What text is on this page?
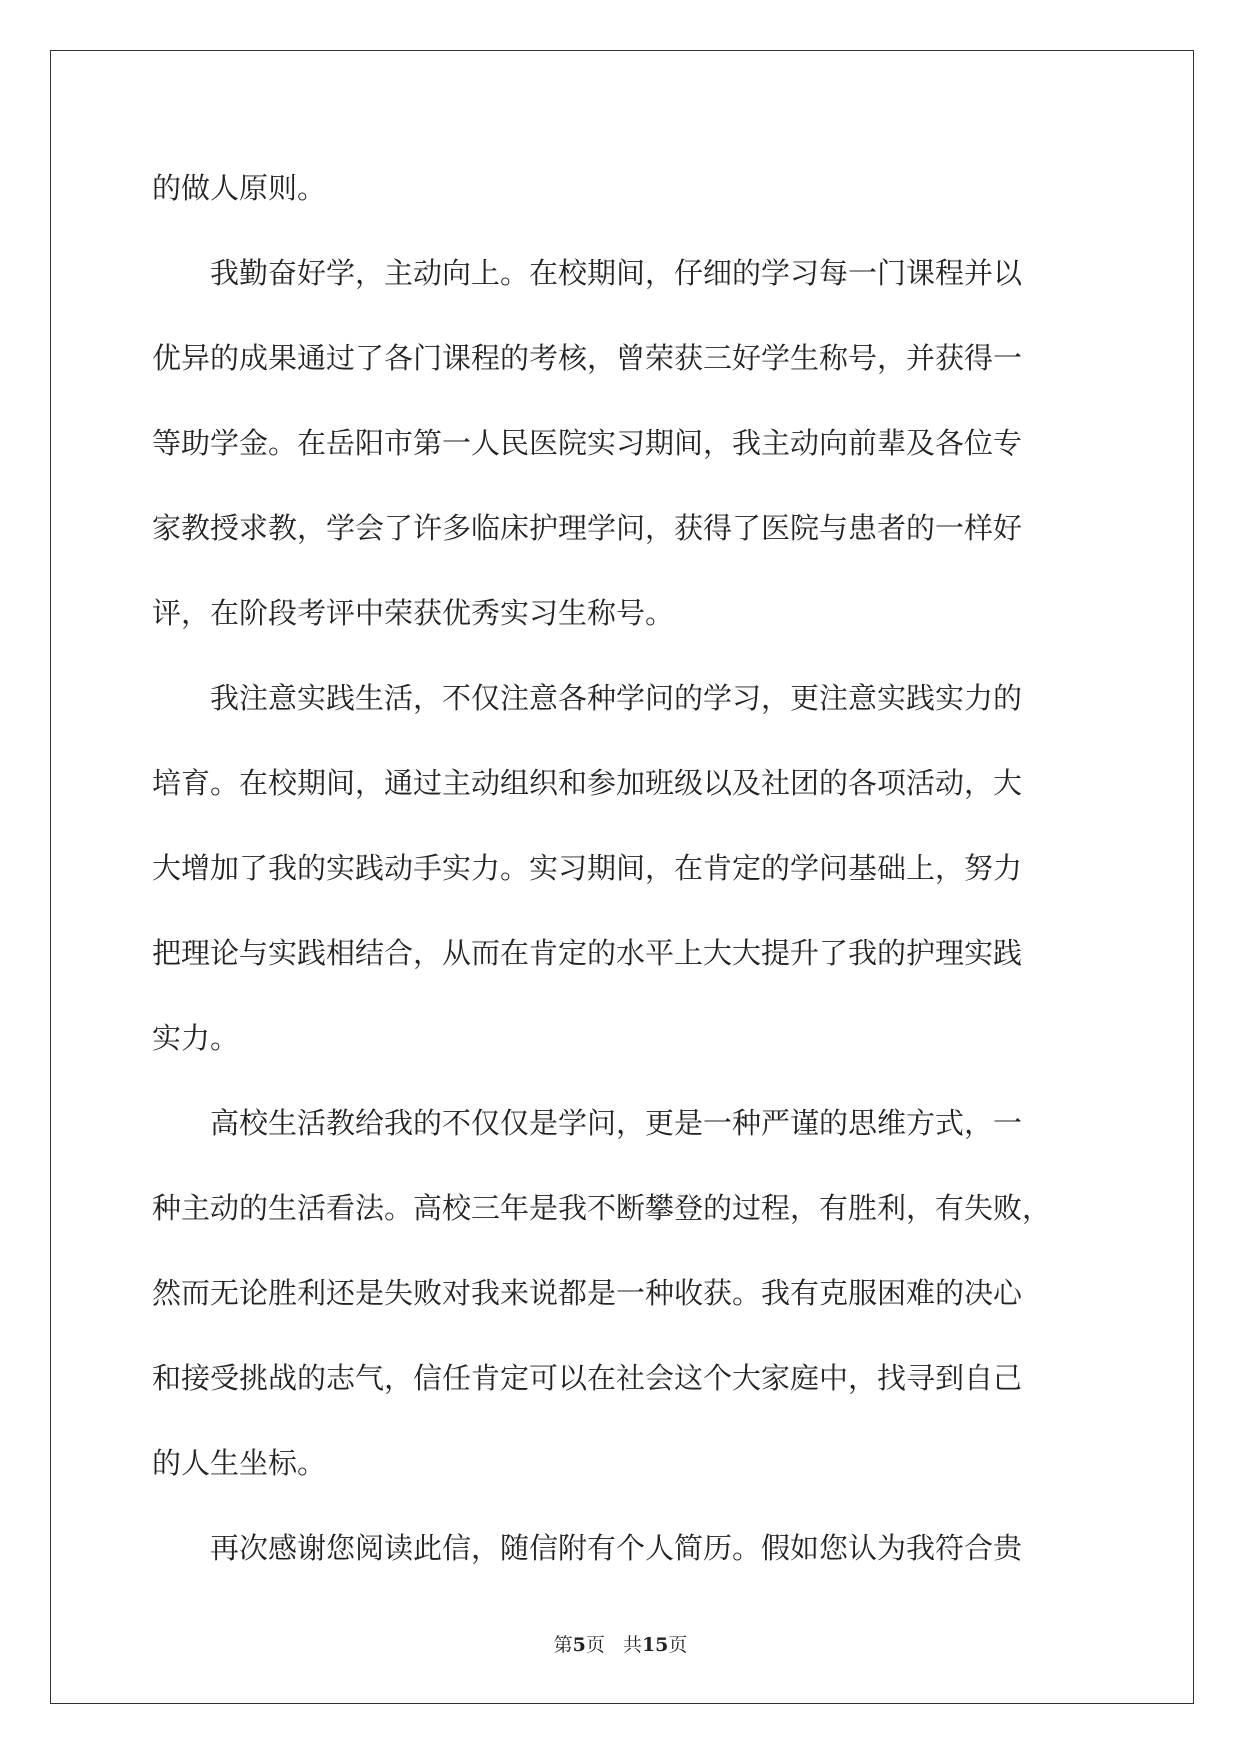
的做人原则。

　　我勤奋好学，主动向上。在校期间，仔细的学习每一门课程并以

优异的成果通过了各门课程的考核，曾荣获三好学生称号，并获得一

等助学金。在岳阳市第一人民医院实习期间，我主动向前辈及各位专

家教授求教，学会了许多临床护理学问，获得了医院与患者的一样好

评，在阶段考评中荣获优秀实习生称号。

　　我注意实践生活，不仅注意各种学问的学习，更注意实践实力的

培育。在校期间，通过主动组织和参加班级以及社团的各项活动，大

大增加了我的实践动手实力。实习期间，在肯定的学问基础上，努力

把理论与实践相结合，从而在肯定的水平上大大提升了我的护理实践

实力。

　　高校生活教给我的不仅仅是学问，更是一种严谨的思维方式，一

种主动的生活看法。高校三年是我不断攀登的过程，有胜利，有失败，

然而无论胜利还是失败对我来说都是一种收获。我有克服困难的决心

和接受挑战的志气，信任肯定可以在社会这个大家庭中，找寻到自己

的人生坐标。

　　再次感谢您阅读此信，随信附有个人简历。假如您认为我符合贵

第5页   共15页
